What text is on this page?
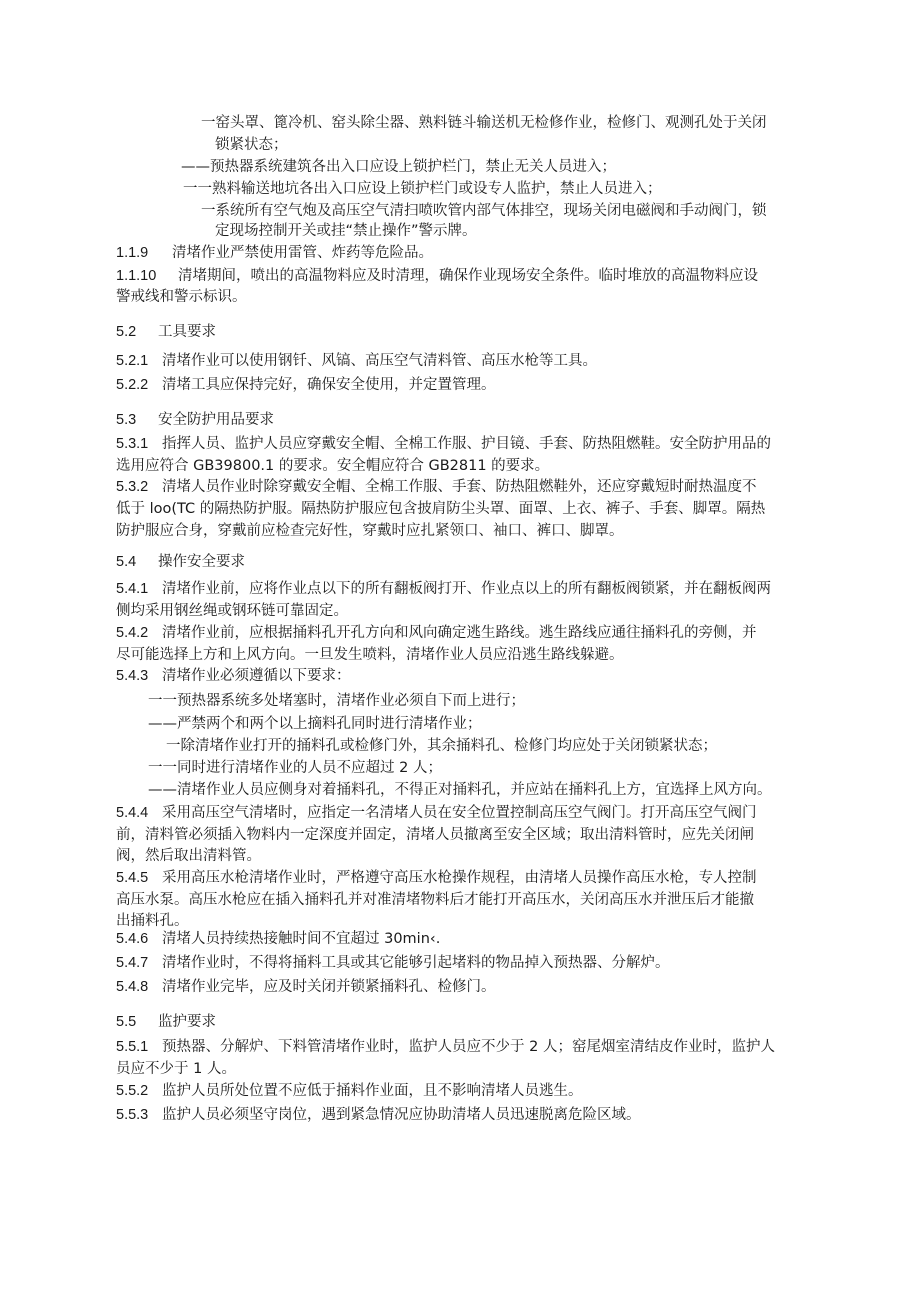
一窑头罩、篦冷机、窑头除尘器、熟料链斗输送机无检修作业，检修门、观测孔处于关闭
锁紧状态；
——预热器系统建筑各出入口应设上锁护栏门，禁止无关人员进入；
一一熟料输送地坑各出入口应设上锁护栏门或设专人监护，禁止人员进入；
一系统所有空气炮及高压空气清扫喷吹管内部气体排空，现场关闭电磁阀和手动阀门，锁
定现场控制开关或挂“禁止操作”警示牌。
1.1.9 清堵作业严禁使用雷管、炸药等危险品。
1.1.10 清堵期间，喷出的高温物料应及时清理，确保作业现场安全条件。临时堆放的高温物料应设
警戒线和警示标识。
5.2 工具要求
5.2.1 清堵作业可以使用钢钎、风镐、高压空气清料管、高压水枪等工具。
5.2.2 清堵工具应保持完好，确保安全使用，并定置管理。
5.3 安全防护用品要求
5.3.1 指挥人员、监护人员应穿戴安全帽、全棉工作服、护目镜、手套、防热阻燃鞋。安全防护用品的
选用应符合 GB39800.1 的要求。安全帽应符合 GB2811 的要求。
5.3.2 清堵人员作业时除穿戴安全帽、全棉工作服、手套、防热阻燃鞋外，还应穿戴短时耐热温度不
低于 loo(TC 的隔热防护服。隔热防护服应包含披肩防尘头罩、面罩、上衣、裤子、手套、脚罩。隔热
防护服应合身，穿戴前应检查完好性，穿戴时应扎紧领口、袖口、裤口、脚罩。
5.4 操作安全要求
5.4.1 清堵作业前，应将作业点以下的所有翻板阀打开、作业点以上的所有翻板阀锁紧，并在翻板阀两
侧均采用钢丝绳或钢环链可靠固定。
5.4.2 清堵作业前，应根据捅料孔开孔方向和风向确定逃生路线。逃生路线应通往捅料孔的旁侧，并
尽可能选择上方和上风方向。一旦发生喷料，清堵作业人员应沿逃生路线躲避。
5.4.3 清堵作业必须遵循以下要求：
一一预热器系统多处堵塞时，清堵作业必须自下而上进行；
——严禁两个和两个以上摘料孔同时进行清堵作业；
一除清堵作业打开的捅料孔或检修门外，其余捅料孔、检修门均应处于关闭锁紧状态；
一一同时进行清堵作业的人员不应超过 2 人；
——清堵作业人员应侧身对着捅料孔，不得正对捅料孔，并应站在捅料孔上方，宜选择上风方向。
5.4.4 采用高压空气清堵时，应指定一名清堵人员在安全位置控制高压空气阀门。打开高压空气阀门
前，清料管必须插入物料内一定深度并固定，清堵人员撤离至安全区域；取出清料管时，应先关闭闸
阀，然后取出清料管。
5.4.5 采用高压水枪清堵作业时，严格遵守高压水枪操作规程，由清堵人员操作高压水枪，专人控制
高压水泵。高压水枪应在插入捅料孔并对准清堵物料后才能打开高压水，关闭高压水并泄压后才能撤
出捅料孔。
5.4.6 清堵人员持续热接触时间不宜超过 30min‹.
5.4.7 清堵作业时，不得将捅料工具或其它能够引起堵料的物品掉入预热器、分解炉。
5.4.8 清堵作业完毕，应及时关闭并锁紧捅料孔、检修门。
5.5 监护要求
5.5.1 预热器、分解炉、下料管清堵作业时，监护人员应不少于 2 人；窑尾烟室清结皮作业时，监护人
员应不少于 1 人。
5.5.2 监护人员所处位置不应低于捅料作业面，且不影响清堵人员逃生。
5.5.3 监护人员必须坚守岗位，遇到紧急情况应协助清堵人员迅速脱离危险区域。
